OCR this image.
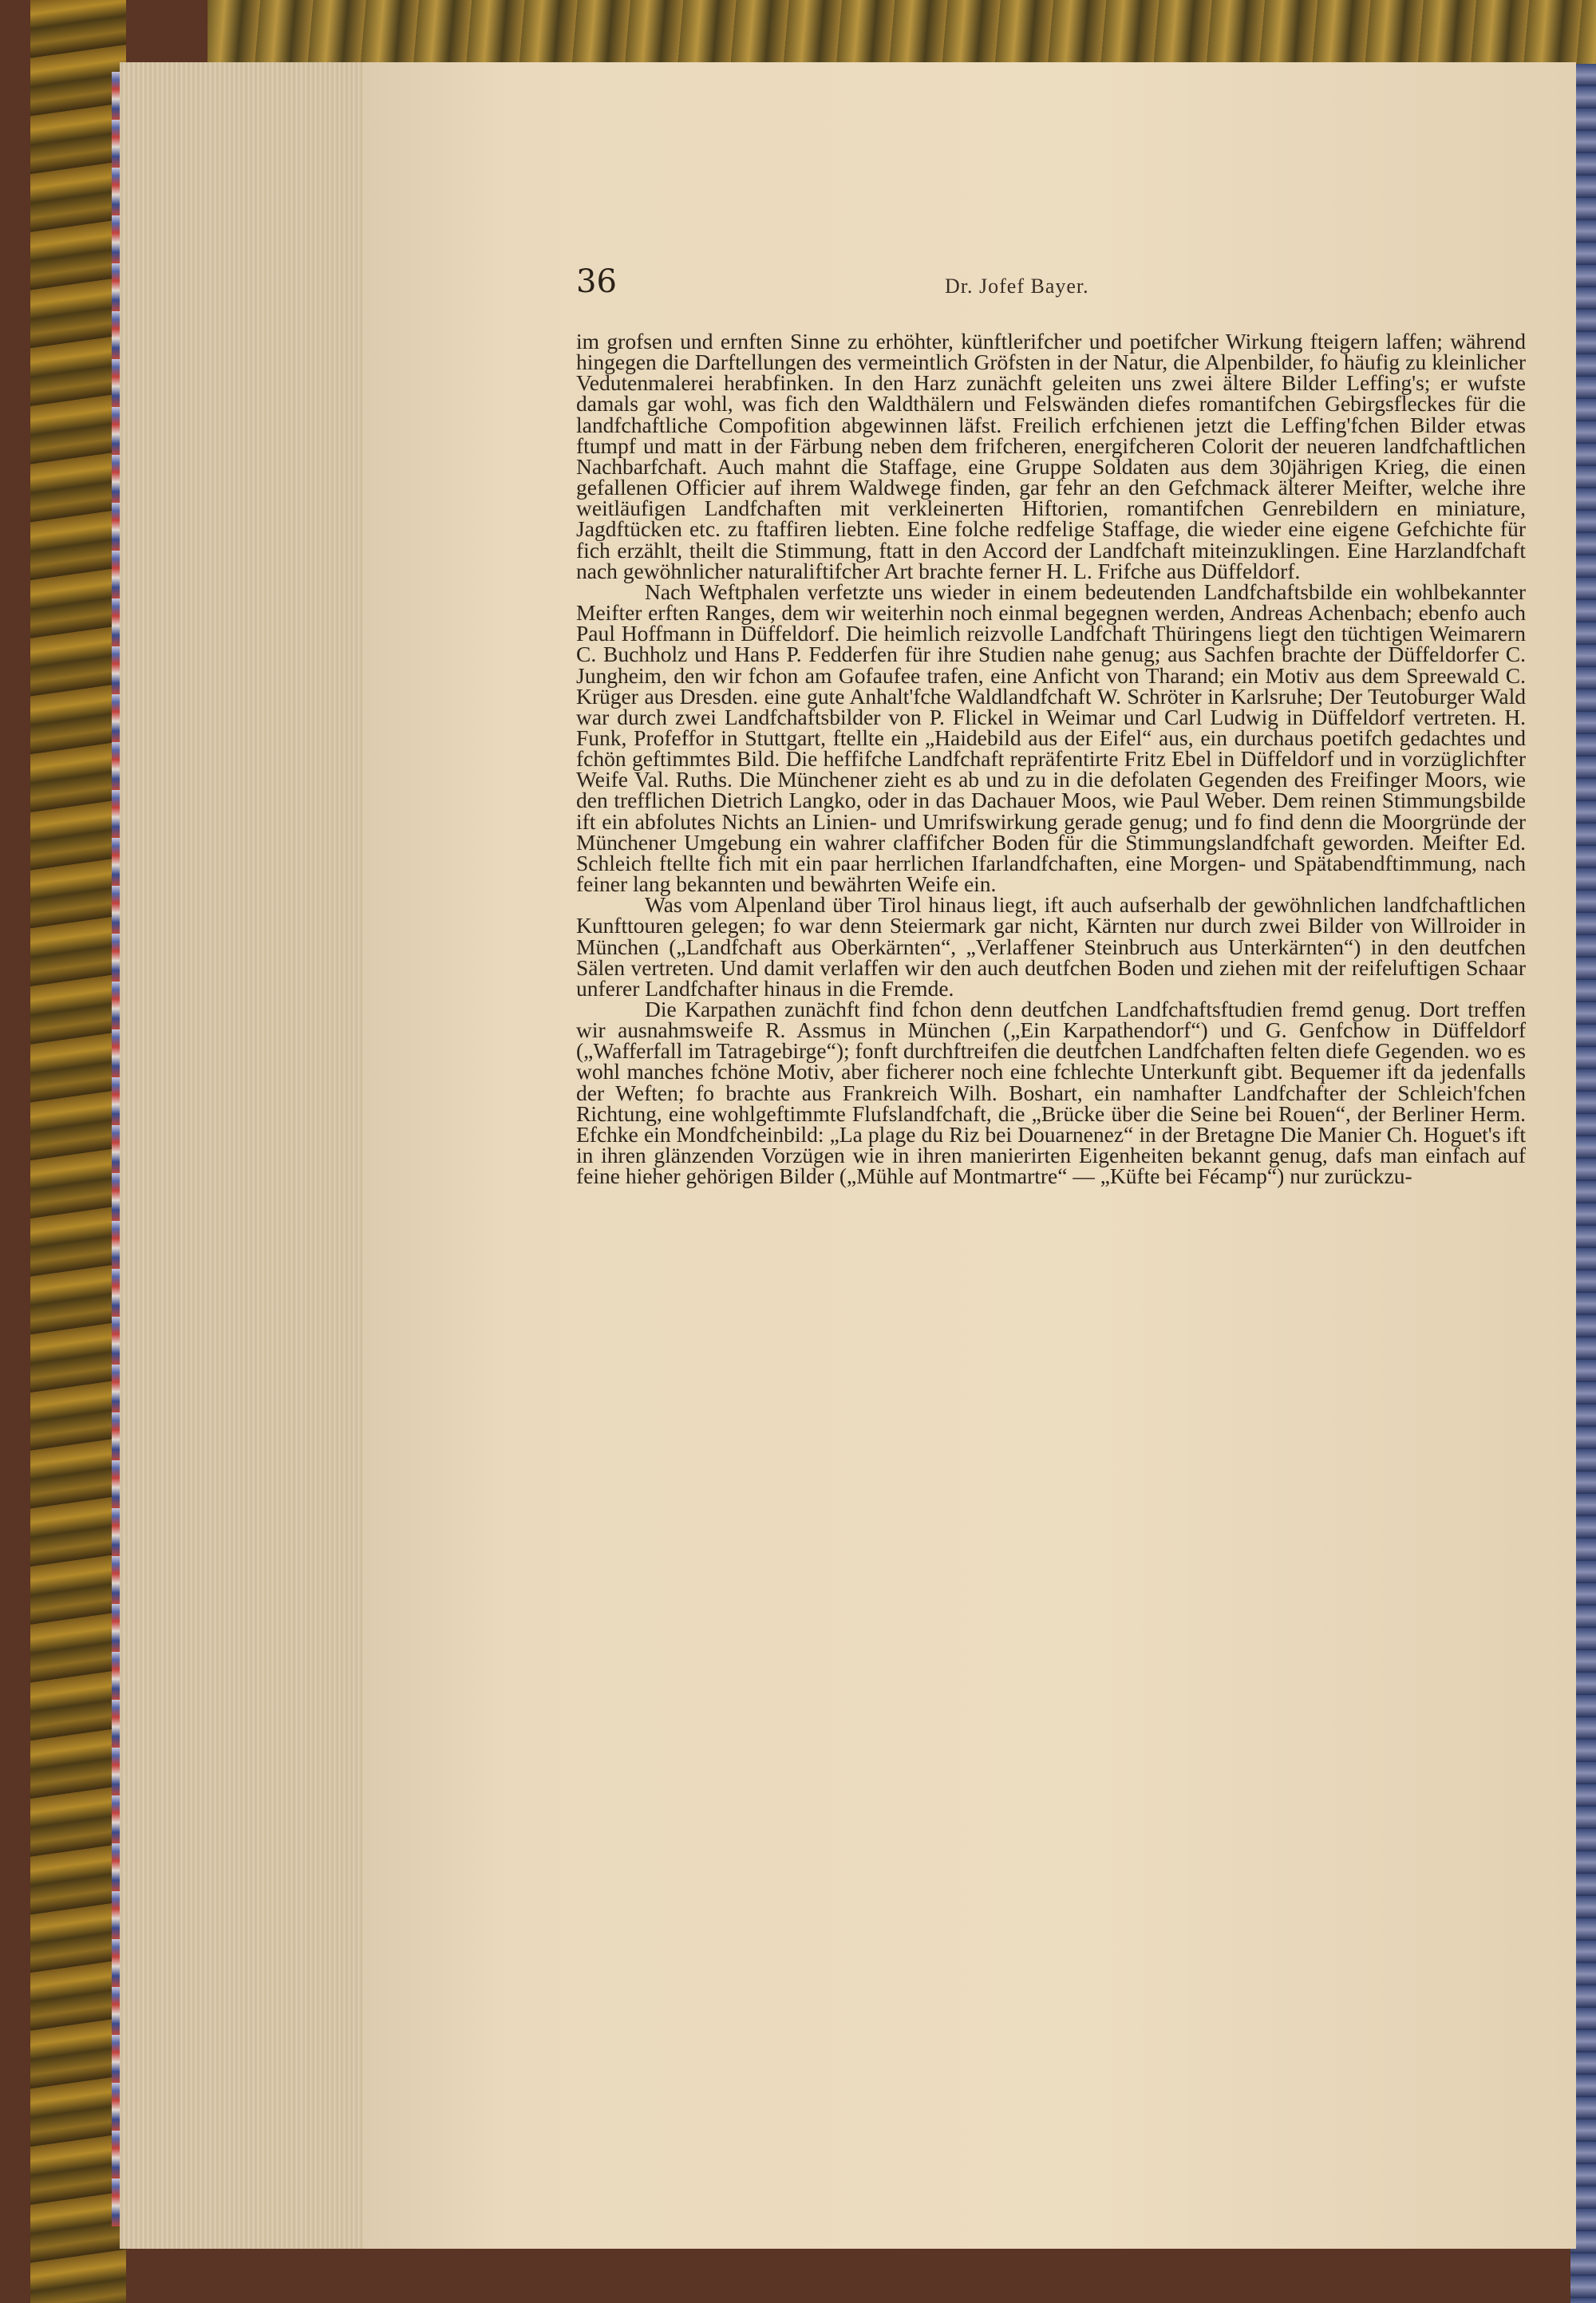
36	Dr. Jofef Bayer.

im grofsen und ernften Sinne zu erhöhter, künftlerifcher und poetifcher Wirkung fteigern laffen; während hingegen die Darftellungen des vermeintlich Gröfsten in der Natur, die Alpenbilder, fo häufig zu kleinlicher Vedutenmalerei herabfinken. In den Harz zunächft geleiten uns zwei ältere Bilder Leffing's; er wufste damals gar wohl, was fich den Waldthälern und Felswänden diefes romantifchen Gebirgsfleckes für die landfchaftliche Compofition abgewinnen läfst. Freilich erfchienen jetzt die Leffing'fchen Bilder etwas ftumpf und matt in der Färbung neben dem frifcheren, energifcheren Colorit der neueren landfchaftlichen Nachbarfchaft. Auch mahnt die Staffage, eine Gruppe Soldaten aus dem 30jährigen Krieg, die einen gefallenen Officier auf ihrem Waldwege finden, gar fehr an den Gefchmack älterer Meifter, welche ihre weitläufigen Landfchaften mit verkleinerten Hiftorien, romantifchen Genrebildern en miniature, Jagdftücken etc. zu ftaffiren liebten. Eine folche redfelige Staffage, die wieder eine eigene Gefchichte für fich erzählt, theilt die Stimmung, ftatt in den Accord der Landfchaft miteinzuklingen. Eine Harzlandfchaft nach gewöhnlicher naturaliftifcher Art brachte ferner H. L. Frifche aus Düffeldorf.

Nach Weftphalen verfetzte uns wieder in einem bedeutenden Landfchaftsbilde ein wohlbekannter Meifter erften Ranges, dem wir weiterhin noch einmal begegnen werden, Andreas Achenbach; ebenfo auch Paul Hoffmann in Düffeldorf. Die heimlich reizvolle Landfchaft Thüringens liegt den tüchtigen Weimarern C. Buchholz und Hans P. Fedderfen für ihre Studien nahe genug; aus Sachfen brachte der Düffeldorfer C. Jungheim, den wir fchon am Gofaufee trafen, eine Anficht von Tharand; ein Motiv aus dem Spreewald C. Krüger aus Dresden. eine gute Anhalt'fche Waldlandfchaft W. Schröter in Karlsruhe; Der Teutoburger Wald war durch zwei Landfchaftsbilder von P. Flickel in Weimar und Carl Ludwig in Düffeldorf vertreten. H. Funk, Profeffor in Stuttgart, ftellte ein „Haidebild aus der Eifel“ aus, ein durchaus poetifch gedachtes und fchön geftimmtes Bild. Die heffifche Landfchaft repräfentirte Fritz Ebel in Düffeldorf und in vorzüglichfter Weife Val. Ruths. Die Münchener zieht es ab und zu in die defolaten Gegenden des Freifinger Moors, wie den trefflichen Dietrich Langko, oder in das Dachauer Moos, wie Paul Weber. Dem reinen Stimmungsbilde ift ein abfolutes Nichts an Linien- und Umrifswirkung gerade genug; und fo find denn die Moorgründe der Münchener Umgebung ein wahrer claffifcher Boden für die Stimmungslandfchaft geworden. Meifter Ed. Schleich ftellte fich mit ein paar herrlichen Ifarlandfchaften, eine Morgen- und Spätabendftimmung, nach feiner lang bekannten und bewährten Weife ein.

Was vom Alpenland über Tirol hinaus liegt, ift auch aufserhalb der gewöhnlichen landfchaftlichen Kunfttouren gelegen; fo war denn Steiermark gar nicht, Kärnten nur durch zwei Bilder von Willroider in München („Landfchaft aus Oberkärnten“, „Verlaffener Steinbruch aus Unterkärnten“) in den deutfchen Sälen vertreten. Und damit verlaffen wir den auch deutfchen Boden und ziehen mit der reifeluftigen Schaar unferer Landfchafter hinaus in die Fremde.

Die Karpathen zunächft find fchon denn deutfchen Landfchaftsftudien fremd genug. Dort treffen wir ausnahmsweife R. Assmus in München („Ein Karpathendorf“) und G. Genfchow in Düffeldorf („Wafferfall im Tatragebirge“); fonft durchftreifen die deutfchen Landfchaften felten diefe Gegenden. wo es wohl manches fchöne Motiv, aber ficherer noch eine fchlechte Unterkunft gibt. Bequemer ift da jedenfalls der Weften; fo brachte aus Frankreich Wilh. Boshart, ein namhafter Landfchafter der Schleich'fchen Richtung, eine wohlgeftimmte Flufslandfchaft, die „Brücke über die Seine bei Rouen“, der Berliner Herm. Efchke ein Mondfcheinbild: „La plage du Riz bei Douarnenez“ in der Bretagne Die Manier Ch. Hoguet's ift in ihren glänzenden Vorzügen wie in ihren manierirten Eigenheiten bekannt genug, dafs man einfach auf feine hieher gehörigen Bilder („Mühle auf Montmartre“ — „Küfte bei Fécamp“) nur zurückzu-
